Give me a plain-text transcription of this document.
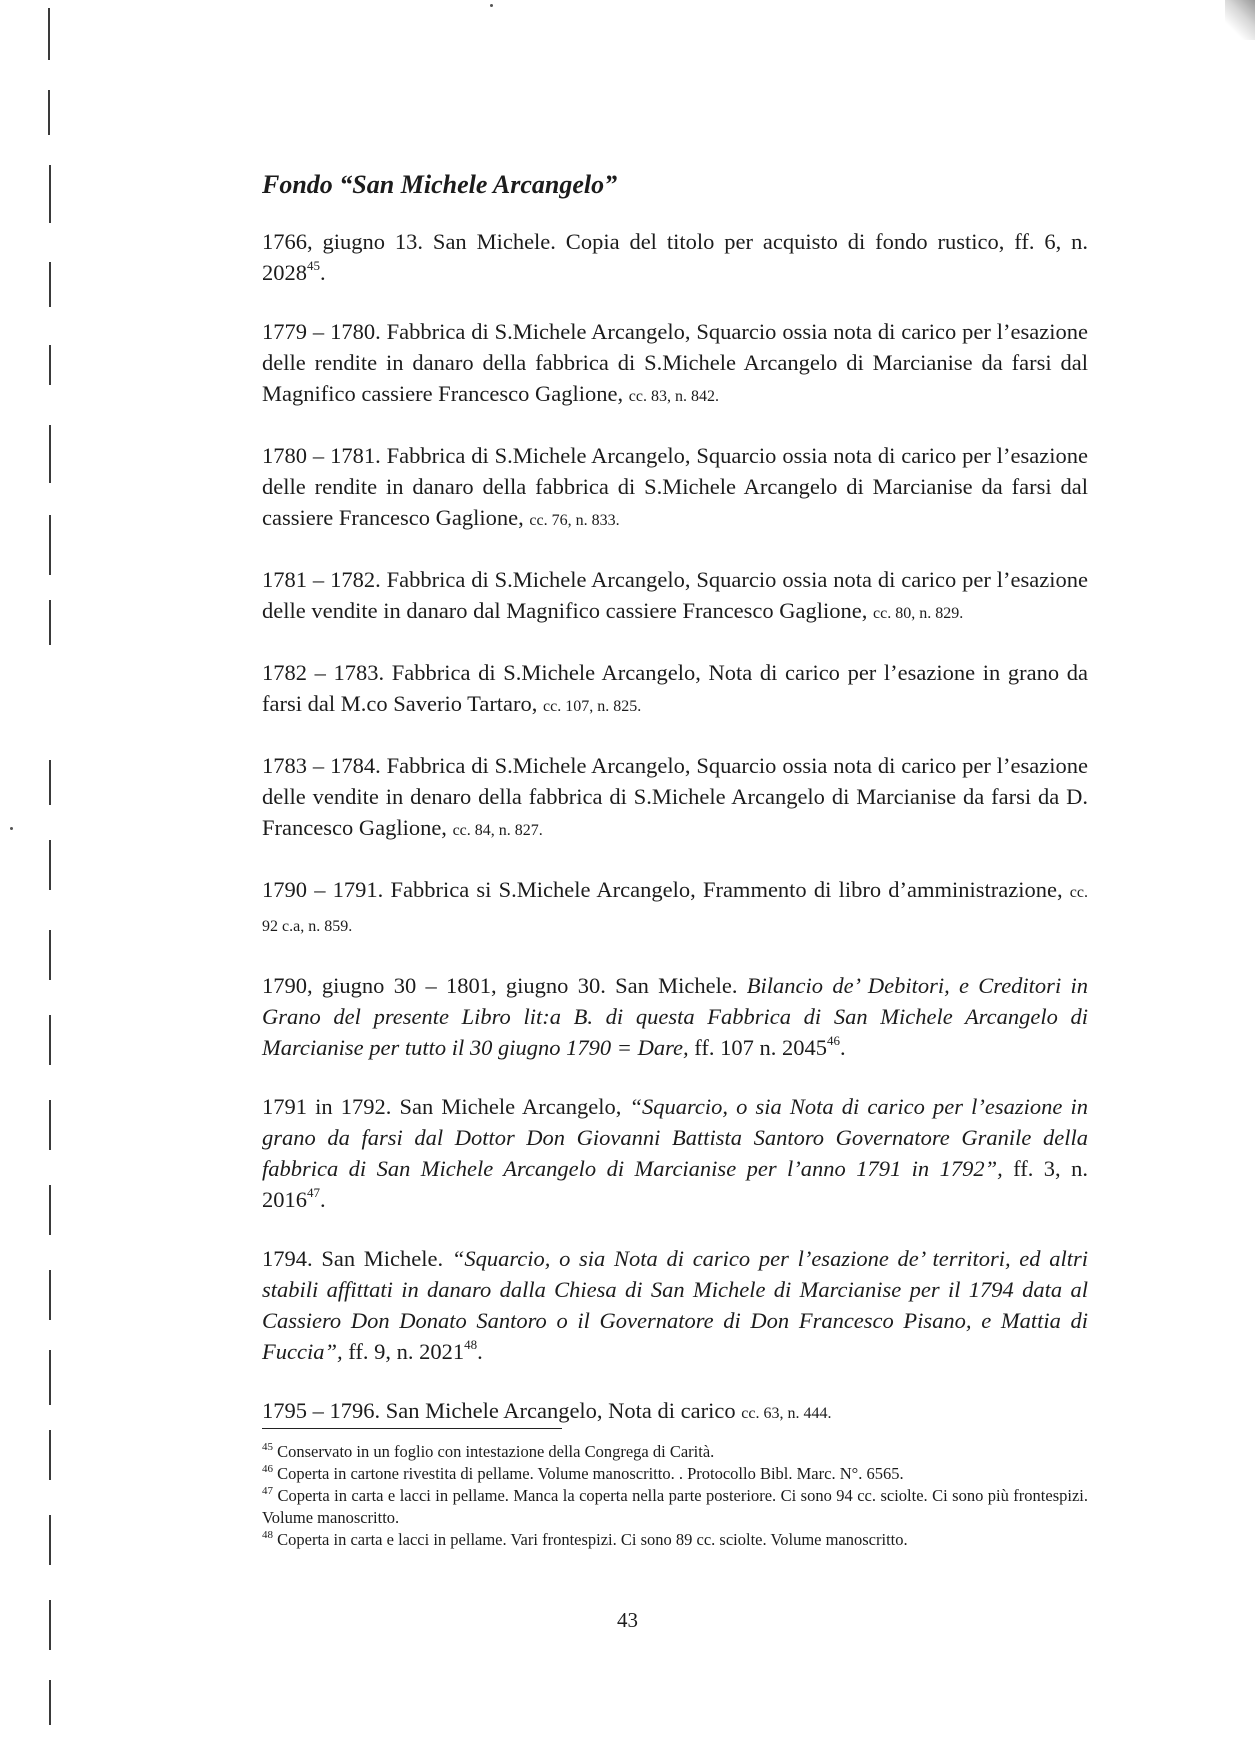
Fondo “San Michele Arcangelo”

1766, giugno 13. San Michele. Copia del titolo per acquisto di fondo rustico, ff. 6, n. 2028$^{45}$.

1779 – 1780. Fabbrica di S.Michele Arcangelo, Squarcio ossia nota di carico per l’esazione delle rendite in danaro della fabbrica di S.Michele Arcangelo di Marcianise da farsi dal Magnifico cassiere Francesco Gaglione, cc. 83, n. 842.

1780 – 1781. Fabbrica di S.Michele Arcangelo, Squarcio ossia nota di carico per l’esazione delle rendite in danaro della fabbrica di S.Michele Arcangelo di Marcianise da farsi dal cassiere Francesco Gaglione, cc. 76, n. 833.

1781 – 1782. Fabbrica di S.Michele Arcangelo, Squarcio ossia nota di carico per l’esazione delle vendite in danaro dal Magnifico cassiere Francesco Gaglione, cc. 80, n. 829.

1782 – 1783. Fabbrica di S.Michele Arcangelo, Nota di carico per l’esazione in grano da farsi dal M.co Saverio Tartaro, cc. 107, n. 825.

1783 – 1784. Fabbrica di S.Michele Arcangelo, Squarcio ossia nota di carico per l’esazione delle vendite in denaro della fabbrica di S.Michele Arcangelo di Marcianise da farsi da D. Francesco Gaglione, cc. 84, n. 827.

1790 – 1791. Fabbrica si S.Michele Arcangelo, Frammento di libro d’amministrazione, cc. 92 c.a, n. 859.

1790, giugno 30 – 1801, giugno 30. San Michele. Bilancio de’ Debitori, e Creditori in Grano del presente Libro lit:a B. di questa Fabbrica di San Michele Arcangelo di Marcianise per tutto il 30 giugno 1790 = Dare, ff. 107 n. 2045$^{46}$.

1791 in 1792. San Michele Arcangelo, “Squarcio, o sia Nota di carico per l’esazione in grano da farsi dal Dottor Don Giovanni Battista Santoro Governatore Granile della fabbrica di San Michele Arcangelo di Marcianise per l’anno 1791 in 1792”, ff. 3, n. 2016$^{47}$.

1794. San Michele. “Squarcio, o sia Nota di carico per l’esazione de’ territori, ed altri stabili affittati in danaro dalla Chiesa di San Michele di Marcianise per il 1794 data al Cassiero Don Donato Santoro o il Governatore di Don Francesco Pisano, e Mattia di Fuccia”, ff. 9, n. 2021$^{48}$.

1795 – 1796. San Michele Arcangelo, Nota di carico cc. 63, n. 444.

$^{45}$ Conservato in un foglio con intestazione della Congrega di Carità.

$^{46}$ Coperta in cartone rivestita di pellame. Volume manoscritto. . Protocollo Bibl. Marc. N°. 6565.

$^{47}$ Coperta in carta e lacci in pellame. Manca la coperta nella parte posteriore. Ci sono 94 cc. sciolte. Ci sono più frontespizi. Volume manoscritto.

$^{48}$ Coperta in carta e lacci in pellame. Vari frontespizi. Ci sono 89 cc. sciolte. Volume manoscritto.

43
